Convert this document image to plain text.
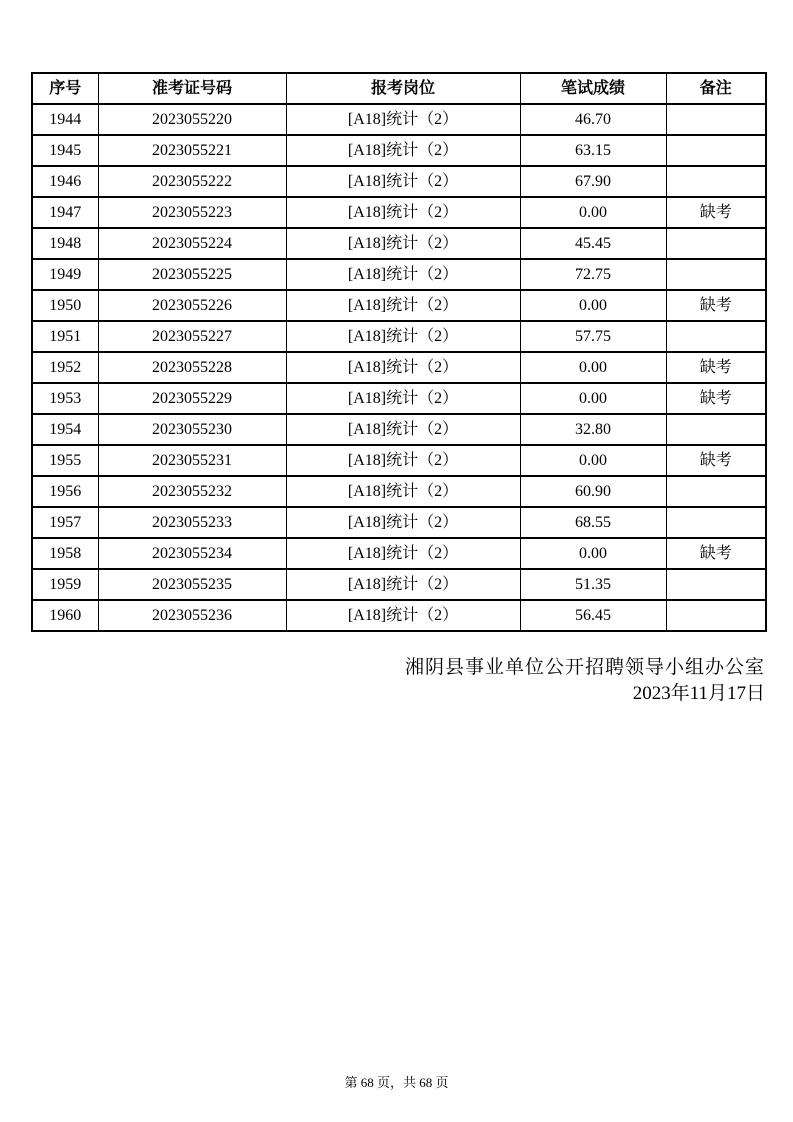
序号	准考证号码	报考岗位	笔试成绩	备注
1944	2023055220	[A18]统计（2）	46.70	
1945	2023055221	[A18]统计（2）	63.15	
1946	2023055222	[A18]统计（2）	67.90	
1947	2023055223	[A18]统计（2）	0.00	缺考
1948	2023055224	[A18]统计（2）	45.45	
1949	2023055225	[A18]统计（2）	72.75	
1950	2023055226	[A18]统计（2）	0.00	缺考
1951	2023055227	[A18]统计（2）	57.75	
1952	2023055228	[A18]统计（2）	0.00	缺考
1953	2023055229	[A18]统计（2）	0.00	缺考
1954	2023055230	[A18]统计（2）	32.80	
1955	2023055231	[A18]统计（2）	0.00	缺考
1956	2023055232	[A18]统计（2）	60.90	
1957	2023055233	[A18]统计（2）	68.55	
1958	2023055234	[A18]统计（2）	0.00	缺考
1959	2023055235	[A18]统计（2）	51.35	
1960	2023055236	[A18]统计（2）	56.45	
湘阴县事业单位公开招聘领导小组办公室
2023年11月17日
第 68 页，共 68 页
